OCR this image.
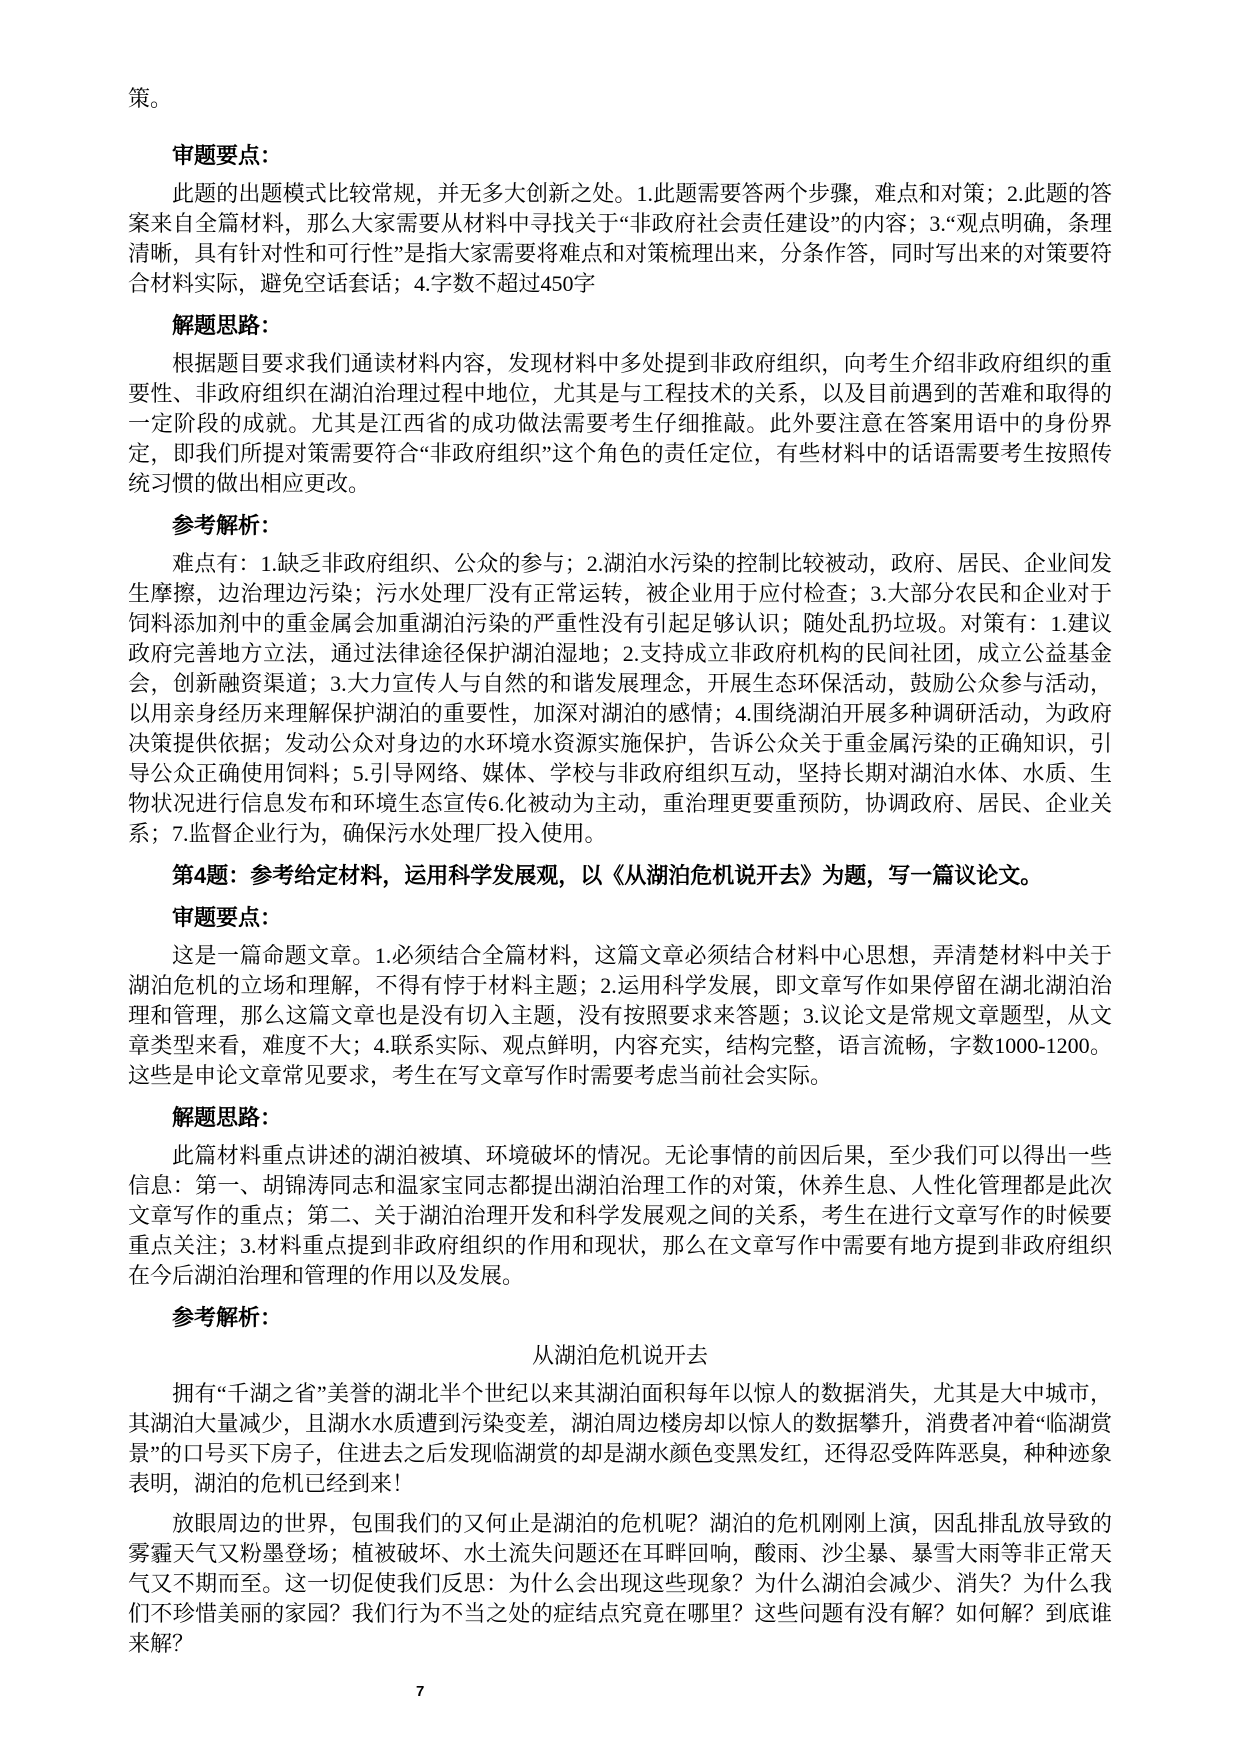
策。

审题要点：

此题的出题模式比较常规，并无多大创新之处。1.此题需要答两个步骤，难点和对策；2.此题的答案来自全篇材料，那么大家需要从材料中寻找关于“非政府社会责任建设”的内容；3.“观点明确，条理清晰，具有针对性和可行性”是指大家需要将难点和对策梳理出来，分条作答，同时写出来的对策要符合材料实际，避免空话套话；4.字数不超过450字

解题思路：

根据题目要求我们通读材料内容，发现材料中多处提到非政府组织，向考生介绍非政府组织的重要性、非政府组织在湖泊治理过程中地位，尤其是与工程技术的关系，以及目前遇到的苦难和取得的一定阶段的成就。尤其是江西省的成功做法需要考生仔细推敲。此外要注意在答案用语中的身份界定，即我们所提对策需要符合“非政府组织”这个角色的责任定位，有些材料中的话语需要考生按照传统习惯的做出相应更改。

参考解析：

难点有：1.缺乏非政府组织、公众的参与；2.湖泊水污染的控制比较被动，政府、居民、企业间发生摩擦，边治理边污染；污水处理厂没有正常运转，被企业用于应付检查；3.大部分农民和企业对于饲料添加剂中的重金属会加重湖泊污染的严重性没有引起足够认识；随处乱扔垃圾。对策有：1.建议政府完善地方立法，通过法律途径保护湖泊湿地；2.支持成立非政府机构的民间社团，成立公益基金会，创新融资渠道；3.大力宣传人与自然的和谐发展理念，开展生态环保活动，鼓励公众参与活动，以用亲身经历来理解保护湖泊的重要性，加深对湖泊的感情；4.围绕湖泊开展多种调研活动，为政府决策提供依据；发动公众对身边的水环境水资源实施保护，告诉公众关于重金属污染的正确知识，引导公众正确使用饲料；5.引导网络、媒体、学校与非政府组织互动，坚持长期对湖泊水体、水质、生物状况进行信息发布和环境生态宣传6.化被动为主动，重治理更要重预防，协调政府、居民、企业关系；7.监督企业行为，确保污水处理厂投入使用。

第4题：参考给定材料，运用科学发展观，以《从湖泊危机说开去》为题，写一篇议论文。

审题要点：

这是一篇命题文章。1.必须结合全篇材料，这篇文章必须结合材料中心思想，弄清楚材料中关于湖泊危机的立场和理解，不得有悖于材料主题；2.运用科学发展，即文章写作如果停留在湖北湖泊治理和管理，那么这篇文章也是没有切入主题，没有按照要求来答题；3.议论文是常规文章题型，从文章类型来看，难度不大；4.联系实际、观点鲜明，内容充实，结构完整，语言流畅，字数1000-1200。这些是申论文章常见要求，考生在写文章写作时需要考虑当前社会实际。

解题思路：

此篇材料重点讲述的湖泊被填、环境破坏的情况。无论事情的前因后果，至少我们可以得出一些信息：第一、胡锦涛同志和温家宝同志都提出湖泊治理工作的对策，休养生息、人性化管理都是此次文章写作的重点；第二、关于湖泊治理开发和科学发展观之间的关系，考生在进行文章写作的时候要重点关注；3.材料重点提到非政府组织的作用和现状，那么在文章写作中需要有地方提到非政府组织在今后湖泊治理和管理的作用以及发展。

参考解析：
从湖泊危机说开去

拥有“千湖之省”美誉的湖北半个世纪以来其湖泊面积每年以惊人的数据消失，尤其是大中城市，其湖泊大量减少，且湖水水质遭到污染变差，湖泊周边楼房却以惊人的数据攀升，消费者冲着“临湖赏景”的口号买下房子，住进去之后发现临湖赏的却是湖水颜色变黑发红，还得忍受阵阵恶臭，种种迹象表明，湖泊的危机已经到来！

放眼周边的世界，包围我们的又何止是湖泊的危机呢？湖泊的危机刚刚上演，因乱排乱放导致的雾霾天气又粉墨登场；植被破坏、水土流失问题还在耳畔回响，酸雨、沙尘暴、暴雪大雨等非正常天气又不期而至。这一切促使我们反思：为什么会出现这些现象？为什么湖泊会减少、消失？为什么我们不珍惜美丽的家园？我们行为不当之处的症结点究竟在哪里？这些问题有没有解？如何解？到底谁来解？

7
